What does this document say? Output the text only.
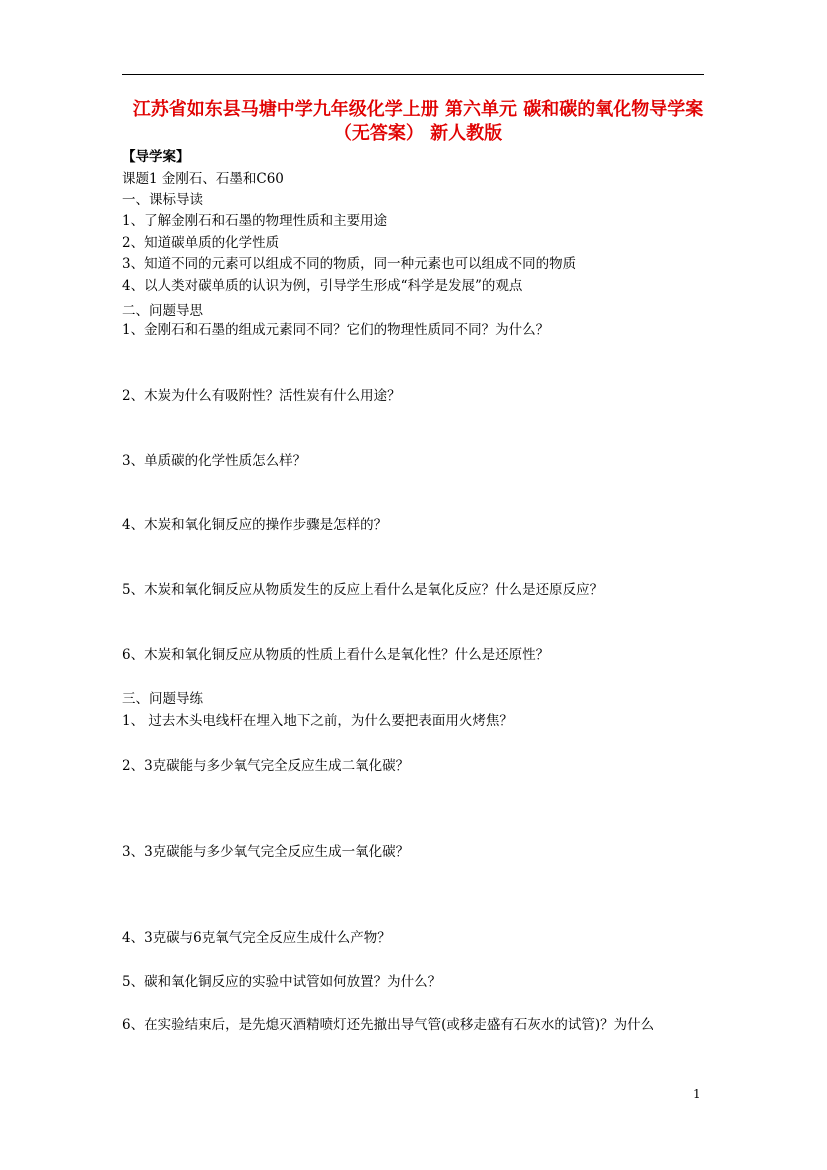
江苏省如东县马塘中学九年级化学上册 第六单元 碳和碳的氧化物导学案（无答案） 新人教版
【导学案】
课题1 金刚石、石墨和C60
一、课标导读
1、了解金刚石和石墨的物理性质和主要用途
2、知道碳单质的化学性质
3、知道不同的元素可以组成不同的物质，同一种元素也可以组成不同的物质
4、以人类对碳单质的认识为例，引导学生形成“科学是发展”的观点
二、问题导思
1、金刚石和石墨的组成元素同不同？它们的物理性质同不同？为什么？
2、木炭为什么有吸附性？活性炭有什么用途？
3、单质碳的化学性质怎么样？
4、木炭和氧化铜反应的操作步骤是怎样的？
5、木炭和氧化铜反应从物质发生的反应上看什么是氧化反应？什么是还原反应？
6、木炭和氧化铜反应从物质的性质上看什么是氧化性？什么是还原性？
三、问题导练
1、 过去木头电线杆在埋入地下之前，为什么要把表面用火烤焦？
2、3克碳能与多少氧气完全反应生成二氧化碳？
3、3克碳能与多少氧气完全反应生成一氧化碳？
4、3克碳与6克氧气完全反应生成什么产物？
5、碳和氧化铜反应的实验中试管如何放置？为什么？
6、在实验结束后，是先熄灭酒精喷灯还先撤出导气管(或移走盛有石灰水的试管)？为什么
1
